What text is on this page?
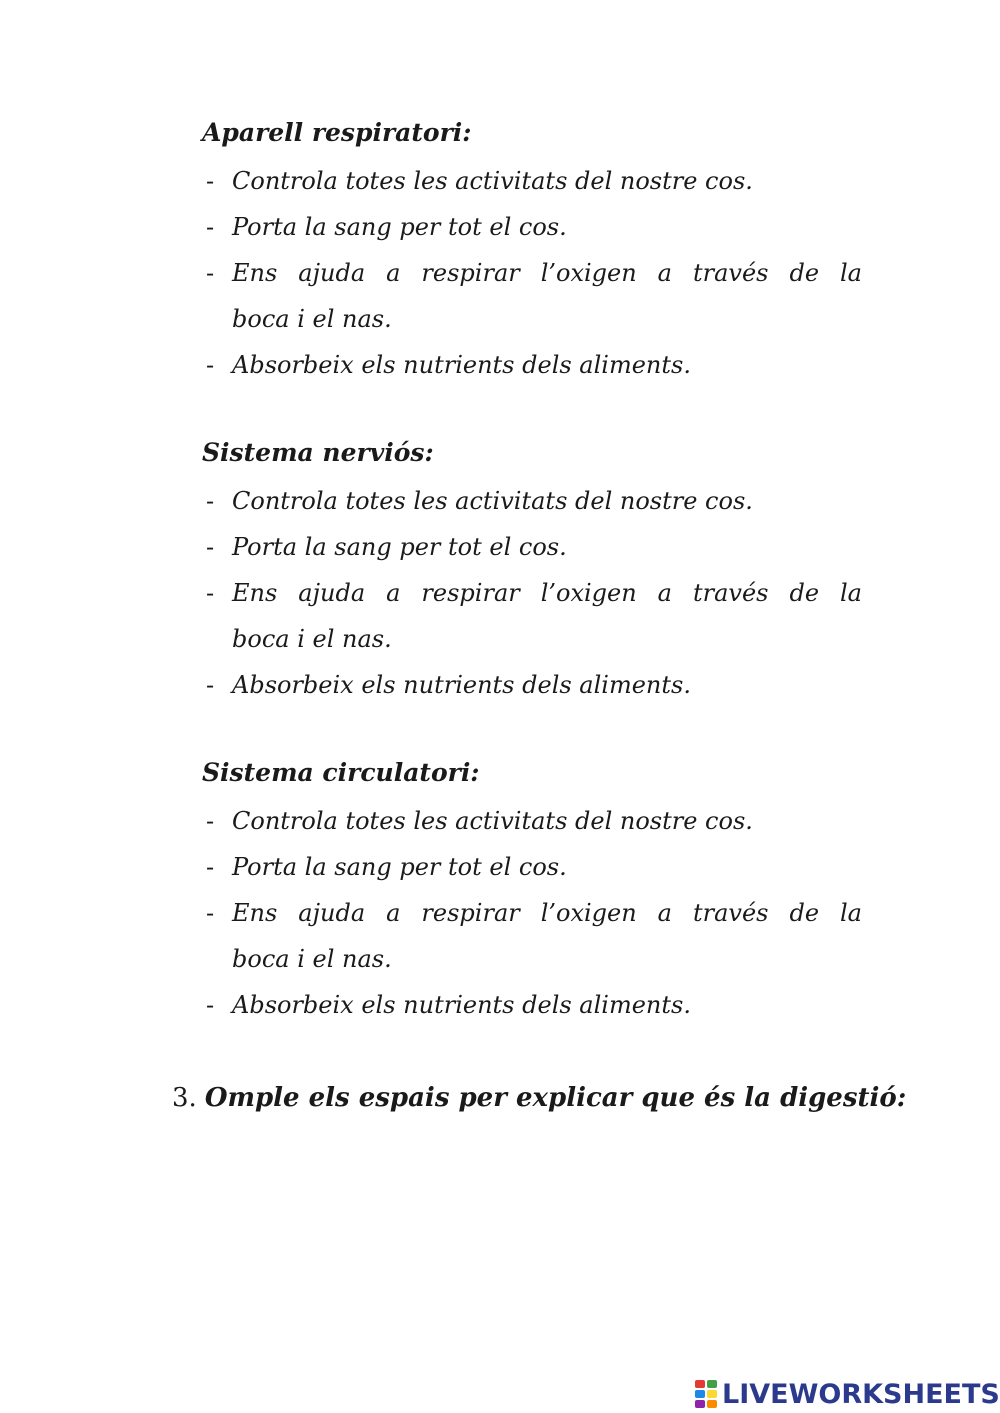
Aparell respiratori:
- Controla totes les activitats del nostre cos.
- Porta la sang per tot el cos.
- Ens ajuda a respirar l’oxigen a través de la
boca i el nas.
- Absorbeix els nutrients dels aliments.
Sistema nerviós:
- Controla totes les activitats del nostre cos.
- Porta la sang per tot el cos.
- Ens ajuda a respirar l’oxigen a través de la
boca i el nas.
- Absorbeix els nutrients dels aliments.
Sistema circulatori:
- Controla totes les activitats del nostre cos.
- Porta la sang per tot el cos.
- Ens ajuda a respirar l’oxigen a través de la
boca i el nas.
- Absorbeix els nutrients dels aliments.
3. Omple els espais per explicar que és la digestió:
LIVEWORKSHEETS
